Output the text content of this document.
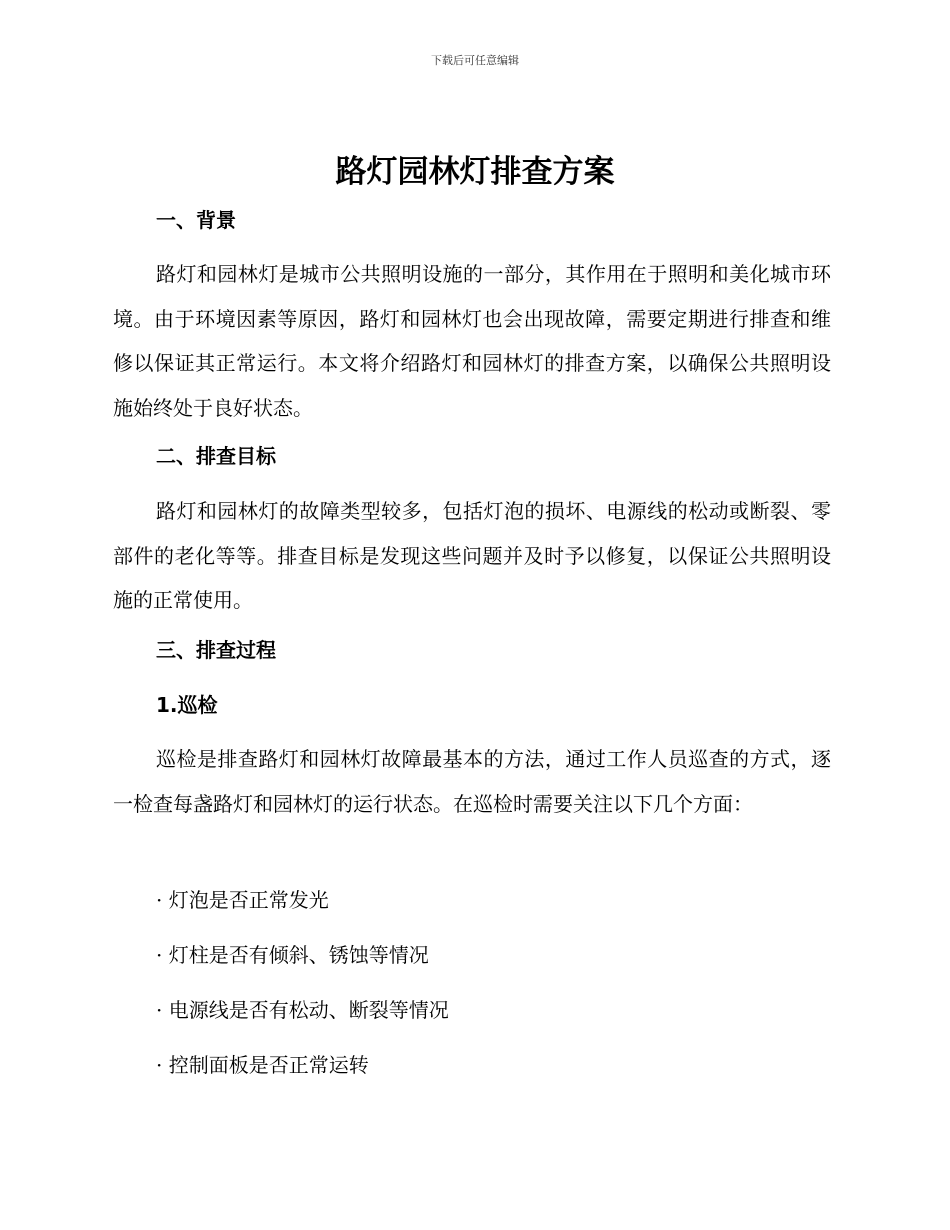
下载后可任意编辑
路灯园林灯排查方案
一、背景

路灯和园林灯是城市公共照明设施的一部分，其作用在于照明和美化城市环境。由于环境因素等原因，路灯和园林灯也会出现故障，需要定期进行排查和维修以保证其正常运行。本文将介绍路灯和园林灯的排查方案，以确保公共照明设施始终处于良好状态。

二、排查目标

路灯和园林灯的故障类型较多，包括灯泡的损坏、电源线的松动或断裂、零部件的老化等等。排查目标是发现这些问题并及时予以修复，以保证公共照明设施的正常使用。

三、排查过程
1.巡检

巡检是排查路灯和园林灯故障最基本的方法，通过工作人员巡查的方式，逐一检查每盏路灯和园林灯的运行状态。在巡检时需要关注以下几个方面：

· 灯泡是否正常发光

· 灯柱是否有倾斜、锈蚀等情况

· 电源线是否有松动、断裂等情况

· 控制面板是否正常运转
